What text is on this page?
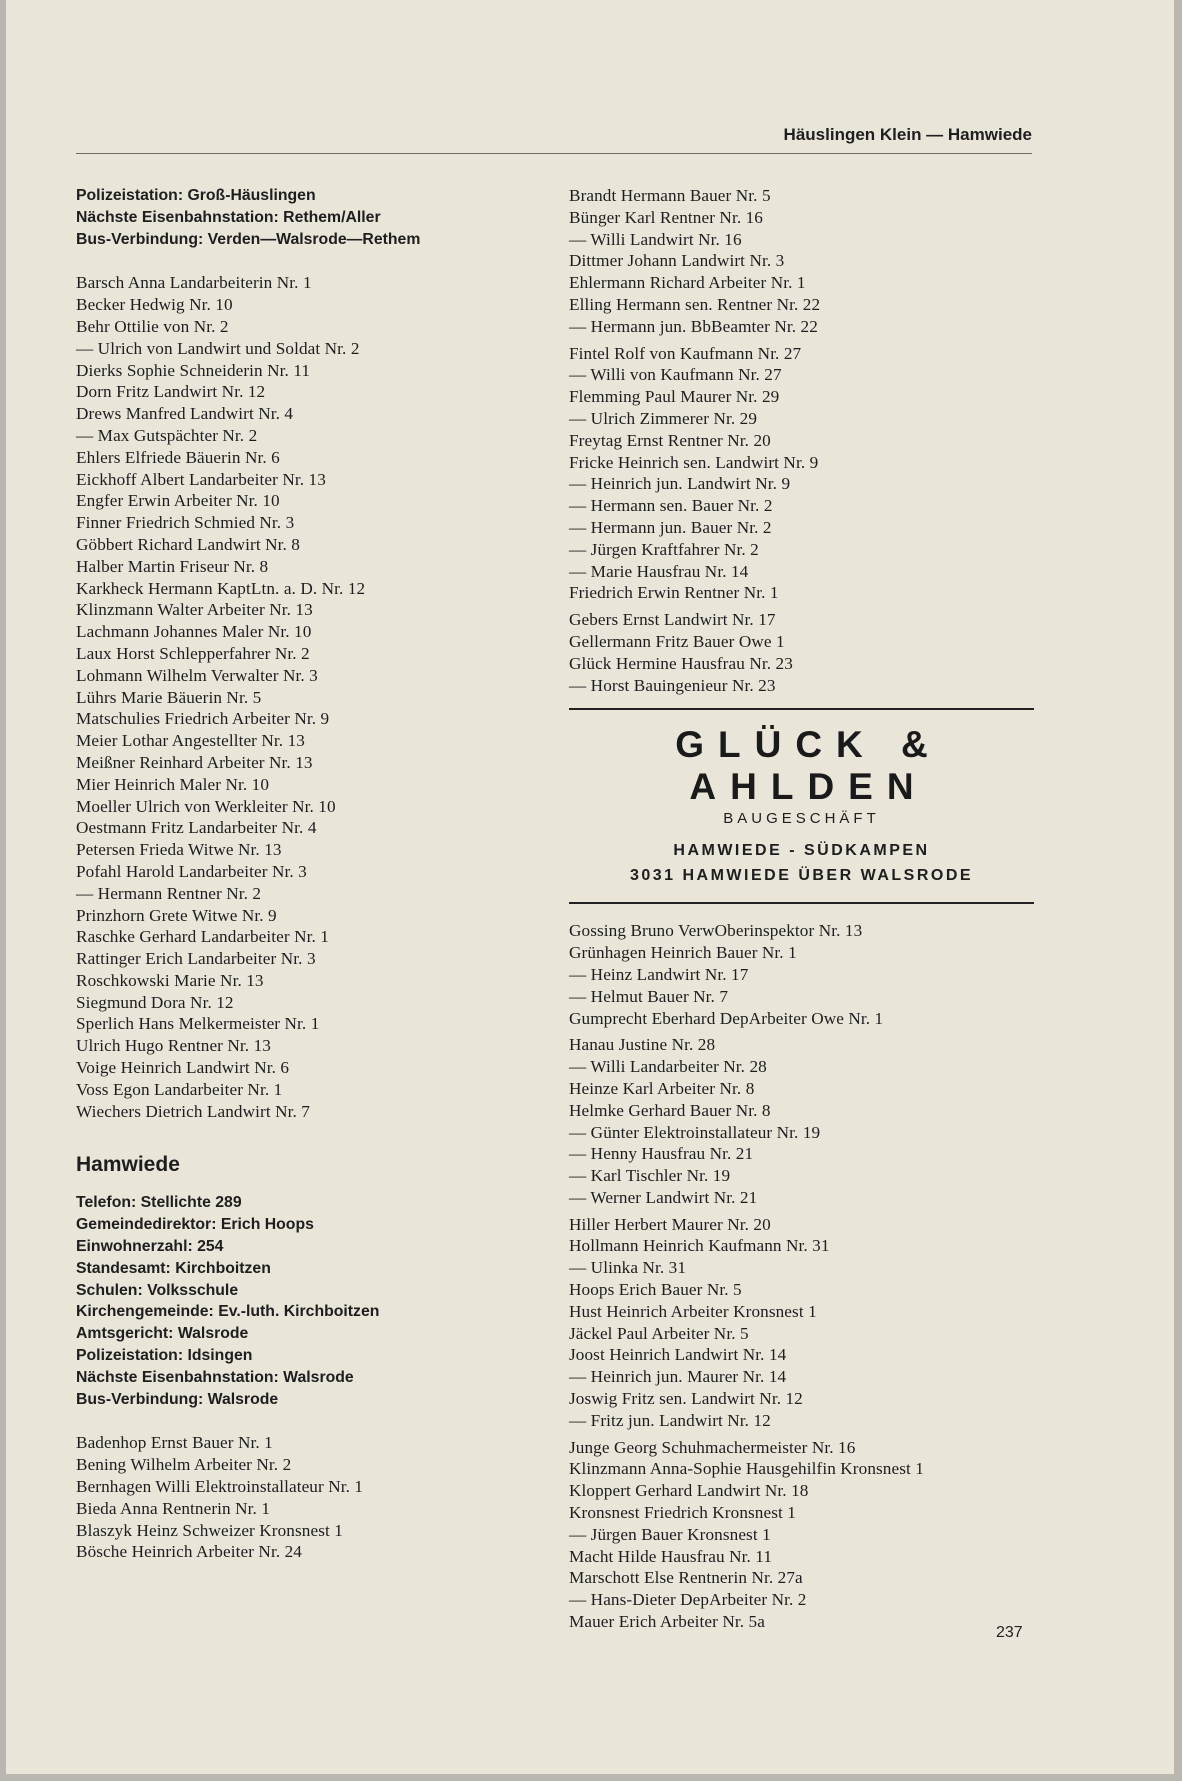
Häuslingen Klein — Hamwiede
Polizeistation: Groß-Häuslingen
Nächste Eisenbahnstation: Rethem/Aller
Bus-Verbindung: Verden—Walsrode—Rethem
Barsch Anna Landarbeiterin Nr. 1
Becker Hedwig Nr. 10
Behr Ottilie von Nr. 2
— Ulrich von Landwirt und Soldat Nr. 2
Dierks Sophie Schneiderin Nr. 11
Dorn Fritz Landwirt Nr. 12
Drews Manfred Landwirt Nr. 4
— Max Gutspächter Nr. 2
Ehlers Elfriede Bäuerin Nr. 6
Eickhoff Albert Landarbeiter Nr. 13
Engfer Erwin Arbeiter Nr. 10
Finner Friedrich Schmied Nr. 3
Göbbert Richard Landwirt Nr. 8
Halber Martin Friseur Nr. 8
Karkheck Hermann KaptLtn. a. D. Nr. 12
Klinzmann Walter Arbeiter Nr. 13
Lachmann Johannes Maler Nr. 10
Laux Horst Schlepperfahrer Nr. 2
Lohmann Wilhelm Verwalter Nr. 3
Lührs Marie Bäuerin Nr. 5
Matschulies Friedrich Arbeiter Nr. 9
Meier Lothar Angestellter Nr. 13
Meißner Reinhard Arbeiter Nr. 13
Mier Heinrich Maler Nr. 10
Moeller Ulrich von Werkleiter Nr. 10
Oestmann Fritz Landarbeiter Nr. 4
Petersen Frieda Witwe Nr. 13
Pofahl Harold Landarbeiter Nr. 3
— Hermann Rentner Nr. 2
Prinzhorn Grete Witwe Nr. 9
Raschke Gerhard Landarbeiter Nr. 1
Rattinger Erich Landarbeiter Nr. 3
Roschkowski Marie Nr. 13
Siegmund Dora Nr. 12
Sperlich Hans Melkermeister Nr. 1
Ulrich Hugo Rentner Nr. 13
Voige Heinrich Landwirt Nr. 6
Voss Egon Landarbeiter Nr. 1
Wiechers Dietrich Landwirt Nr. 7
Hamwiede
Telefon: Stellichte 289
Gemeindedirektor: Erich Hoops
Einwohnerzahl: 254
Standesamt: Kirchboitzen
Schulen: Volksschule
Kirchengemeinde: Ev.-luth. Kirchboitzen
Amtsgericht: Walsrode
Polizeistation: Idsingen
Nächste Eisenbahnstation: Walsrode
Bus-Verbindung: Walsrode
Badenhop Ernst Bauer Nr. 1
Bening Wilhelm Arbeiter Nr. 2
Bernhagen Willi Elektroinstallateur Nr. 1
Bieda Anna Rentnerin Nr. 1
Blaszyk Heinz Schweizer Kronsnest 1
Bösche Heinrich Arbeiter Nr. 24
Brandt Hermann Bauer Nr. 5
Bünger Karl Rentner Nr. 16
— Willi Landwirt Nr. 16
Dittmer Johann Landwirt Nr. 3
Ehlermann Richard Arbeiter Nr. 1
Elling Hermann sen. Rentner Nr. 22
— Hermann jun. BbBeamter Nr. 22
Fintel Rolf von Kaufmann Nr. 27
— Willi von Kaufmann Nr. 27
Flemming Paul Maurer Nr. 29
— Ulrich Zimmerer Nr. 29
Freytag Ernst Rentner Nr. 20
Fricke Heinrich sen. Landwirt Nr. 9
— Heinrich jun. Landwirt Nr. 9
— Hermann sen. Bauer Nr. 2
— Hermann jun. Bauer Nr. 2
— Jürgen Kraftfahrer Nr. 2
— Marie Hausfrau Nr. 14
Friedrich Erwin Rentner Nr. 1
Gebers Ernst Landwirt Nr. 17
Gellermann Fritz Bauer Owe 1
Glück Hermine Hausfrau Nr. 23
— Horst Bauingenieur Nr. 23
GLÜCK & AHLDEN
BAUGESCHÄFT
HAMWIEDE - SÜDKAMPEN
3031 HAMWIEDE ÜBER WALSRODE
Gossing Bruno VerwOberinspektor Nr. 13
Grünhagen Heinrich Bauer Nr. 1
— Heinz Landwirt Nr. 17
— Helmut Bauer Nr. 7
Gumprecht Eberhard DepArbeiter Owe Nr. 1
Hanau Justine Nr. 28
— Willi Landarbeiter Nr. 28
Heinze Karl Arbeiter Nr. 8
Helmke Gerhard Bauer Nr. 8
— Günter Elektroinstallateur Nr. 19
— Henny Hausfrau Nr. 21
— Karl Tischler Nr. 19
— Werner Landwirt Nr. 21
Hiller Herbert Maurer Nr. 20
Hollmann Heinrich Kaufmann Nr. 31
— Ulinka Nr. 31
Hoops Erich Bauer Nr. 5
Hust Heinrich Arbeiter Kronsnest 1
Jäckel Paul Arbeiter Nr. 5
Joost Heinrich Landwirt Nr. 14
— Heinrich jun. Maurer Nr. 14
Joswig Fritz sen. Landwirt Nr. 12
— Fritz jun. Landwirt Nr. 12
Junge Georg Schuhmachermeister Nr. 16
Klinzmann Anna-Sophie Hausgehilfin Kronsnest 1
Kloppert Gerhard Landwirt Nr. 18
Kronsnest Friedrich Kronsnest 1
— Jürgen Bauer Kronsnest 1
Macht Hilde Hausfrau Nr. 11
Marschott Else Rentnerin Nr. 27a
— Hans-Dieter DepArbeiter Nr. 2
Mauer Erich Arbeiter Nr. 5a
237
